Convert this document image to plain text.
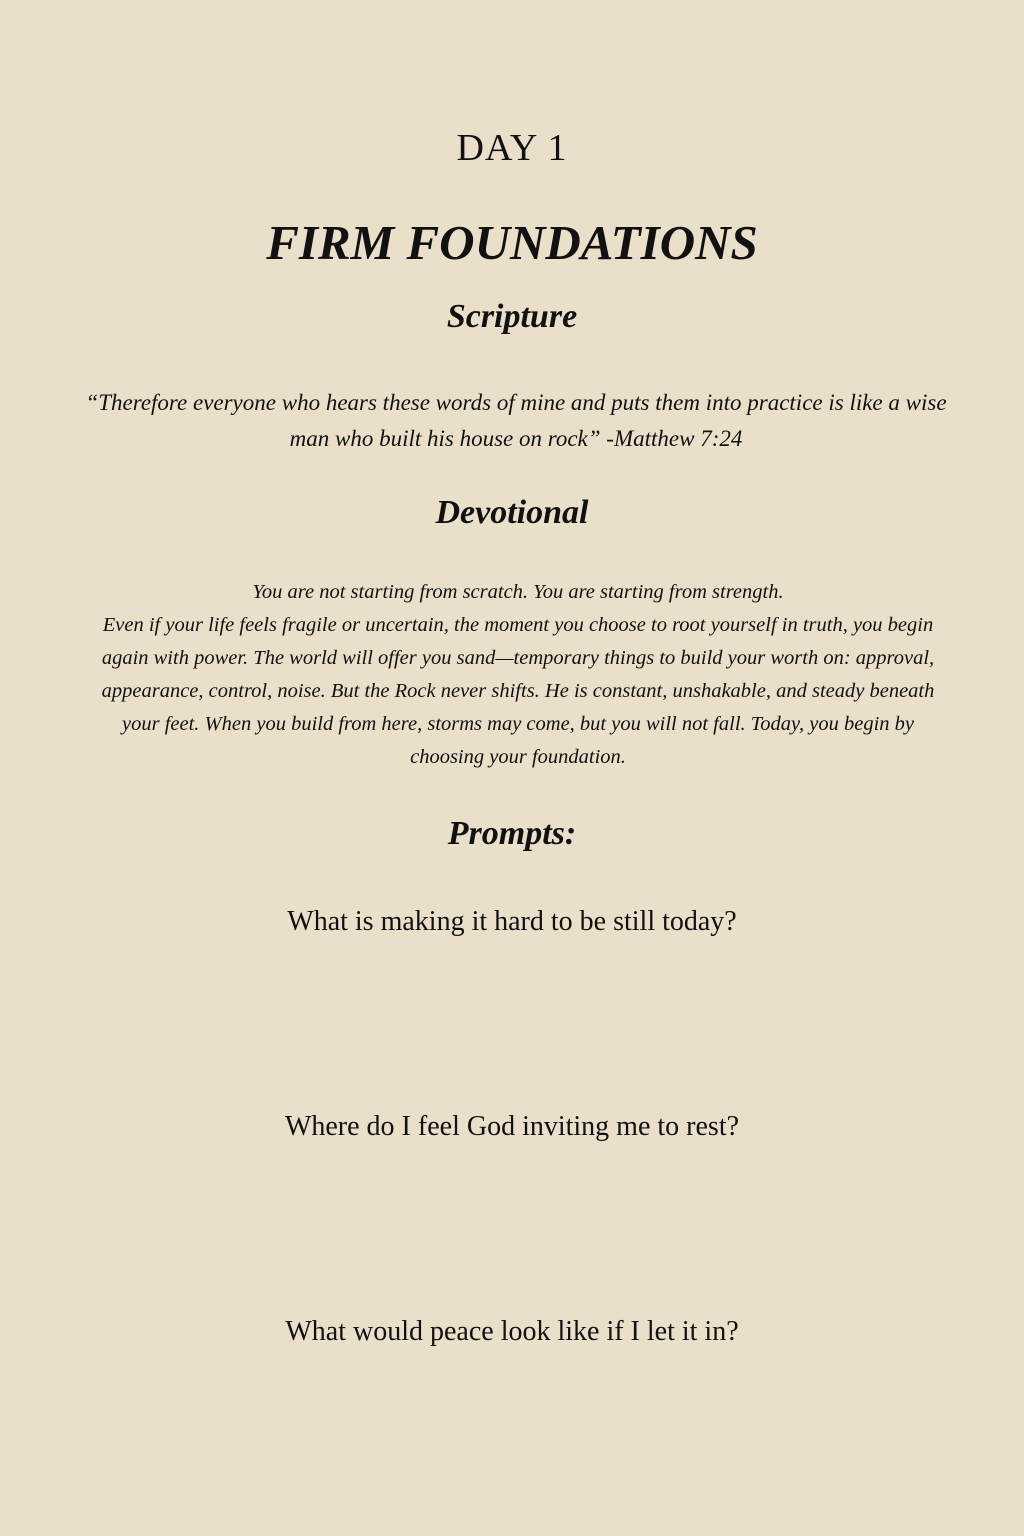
DAY 1
FIRM FOUNDATIONS
Scripture
“Therefore everyone who hears these words of mine and puts them into practice is like a wise man who built his house on rock” -Matthew 7:24
Devotional

You are not starting from scratch. You are starting from strength.

Even if your life feels fragile or uncertain, the moment you choose to root yourself in truth, you begin again with power. The world will offer you sand—temporary things to build your worth on: approval, appearance, control, noise. But the Rock never shifts. He is constant, unshakable, and steady beneath your feet. When you build from here, storms may come, but you will not fall. Today, you begin by choosing your foundation.

Prompts:
What is making it hard to be still today?
Where do I feel God inviting me to rest?
What would peace look like if I let it in?
